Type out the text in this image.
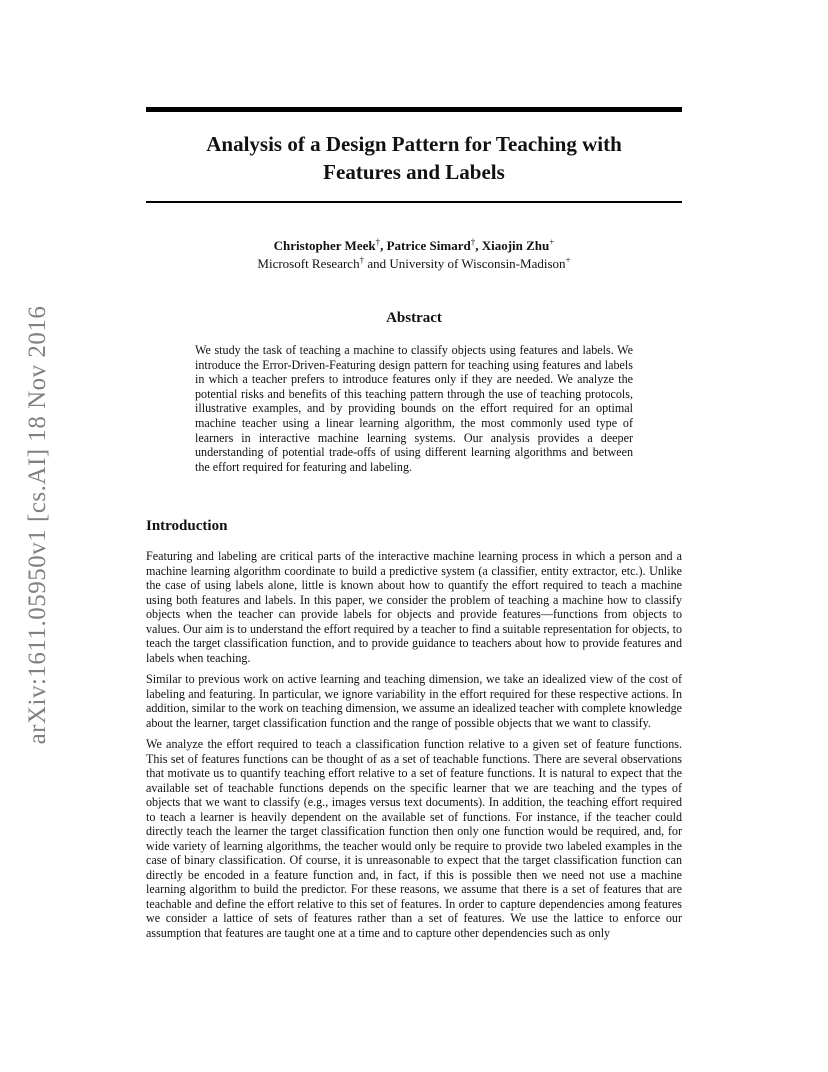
arXiv:1611.05950v1 [cs.AI] 18 Nov 2016
Analysis of a Design Pattern for Teaching with
Features and Labels
Christopher Meek†, Patrice Simard†, Xiaojin Zhu+
Microsoft Research† and University of Wisconsin-Madison+
Abstract

We study the task of teaching a machine to classify objects using features and labels. We introduce the Error-Driven-Featuring design pattern for teaching using features and labels in which a teacher prefers to introduce features only if they are needed. We analyze the potential risks and benefits of this teaching pattern through the use of teaching protocols, illustrative examples, and by providing bounds on the effort required for an optimal machine teacher using a linear learning algorithm, the most commonly used type of learners in interactive machine learning systems. Our analysis provides a deeper understanding of potential trade-offs of using different learning algorithms and between the effort required for featuring and labeling.

Introduction

Featuring and labeling are critical parts of the interactive machine learning process in which a person and a machine learning algorithm coordinate to build a predictive system (a classifier, entity extractor, etc.). Unlike the case of using labels alone, little is known about how to quantify the effort required to teach a machine using both features and labels. In this paper, we consider the problem of teaching a machine how to classify objects when the teacher can provide labels for objects and provide features—functions from objects to values. Our aim is to understand the effort required by a teacher to find a suitable representation for objects, to teach the target classification function, and to provide guidance to teachers about how to provide features and labels when teaching.

Similar to previous work on active learning and teaching dimension, we take an idealized view of the cost of labeling and featuring. In particular, we ignore variability in the effort required for these respective actions. In addition, similar to the work on teaching dimension, we assume an idealized teacher with complete knowledge about the learner, target classification function and the range of possible objects that we want to classify.

We analyze the effort required to teach a classification function relative to a given set of feature functions. This set of features functions can be thought of as a set of teachable functions. There are several observations that motivate us to quantify teaching effort relative to a set of feature functions. It is natural to expect that the available set of teachable functions depends on the specific learner that we are teaching and the types of objects that we want to classify (e.g., images versus text documents). In addition, the teaching effort required to teach a learner is heavily dependent on the available set of functions. For instance, if the teacher could directly teach the learner the target classification function then only one function would be required, and, for wide variety of learning algorithms, the teacher would only be require to provide two labeled examples in the case of binary classification. Of course, it is unreasonable to expect that the target classification function can directly be encoded in a feature function and, in fact, if this is possible then we need not use a machine learning algorithm to build the predictor. For these reasons, we assume that there is a set of features that are teachable and define the effort relative to this set of features. In order to capture dependencies among features we consider a lattice of sets of features rather than a set of features. We use the lattice to enforce our assumption that features are taught one at a time and to capture other dependencies such as only
